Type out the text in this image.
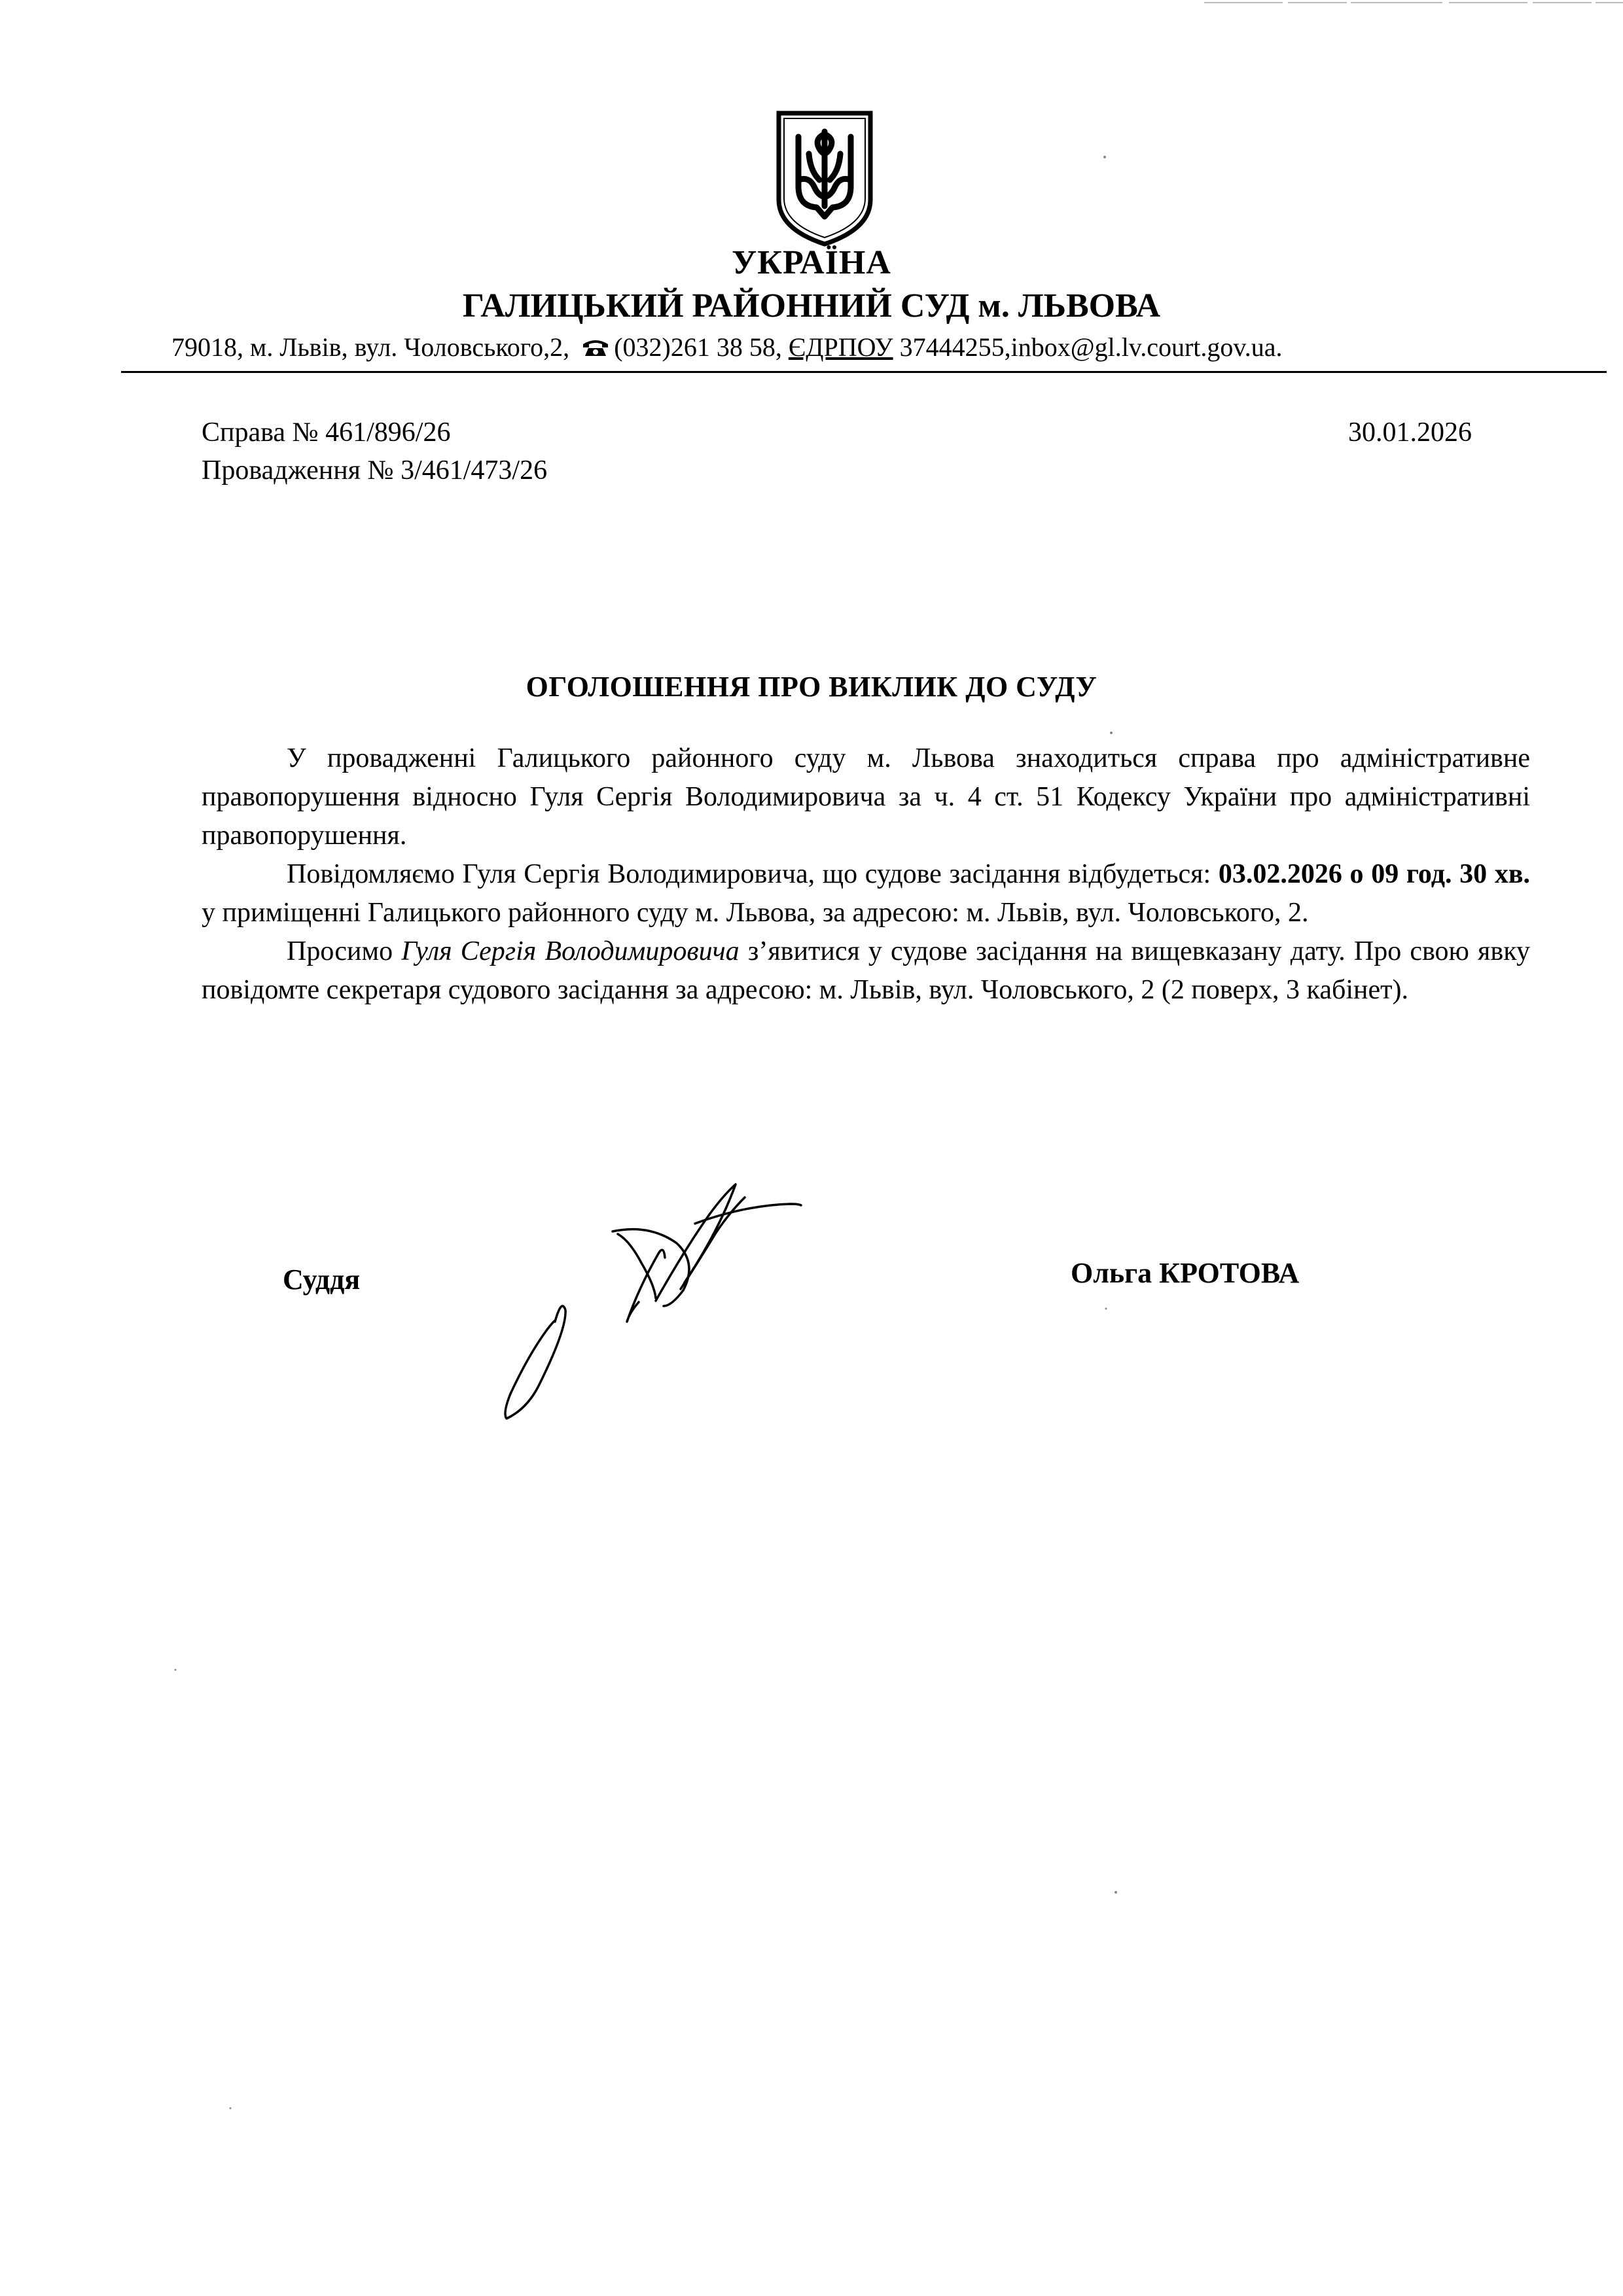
УКРАЇНА
ГАЛИЦЬКИЙ РАЙОННИЙ СУД м. ЛЬВОВА
79018, м. Львів, вул. Чоловського,2, (032)261 38 58, ЄДРПОУ 37444255,inbox@gl.lv.court.gov.ua.
Справа № 461/896/26
Провадження № 3/461/473/26
30.01.2026
ОГОЛОШЕННЯ ПРО ВИКЛИК ДО СУДУ

У провадженні Галицького районного суду м. Львова знаходиться справа про адміністративне правопорушення відносно Гуля Сергія Володимировича за ч. 4 ст. 51 Кодексу України про адміністративні правопорушення.

Повідомляємо Гуля Сергія Володимировича, що судове засідання відбудеться: 03.02.2026 о 09 год. 30 хв. у приміщенні Галицького районного суду м. Львова, за адресою: м. Львів, вул. Чоловського, 2.

Просимо Гуля Сергія Володимировича з’явитися у судове засідання на вищевказану дату. Про свою явку повідомте секретаря судового засідання за адресою: м. Львів, вул. Чоловського, 2 (2 поверх, 3 кабінет).

Суддя	Ольга КРОТОВА
